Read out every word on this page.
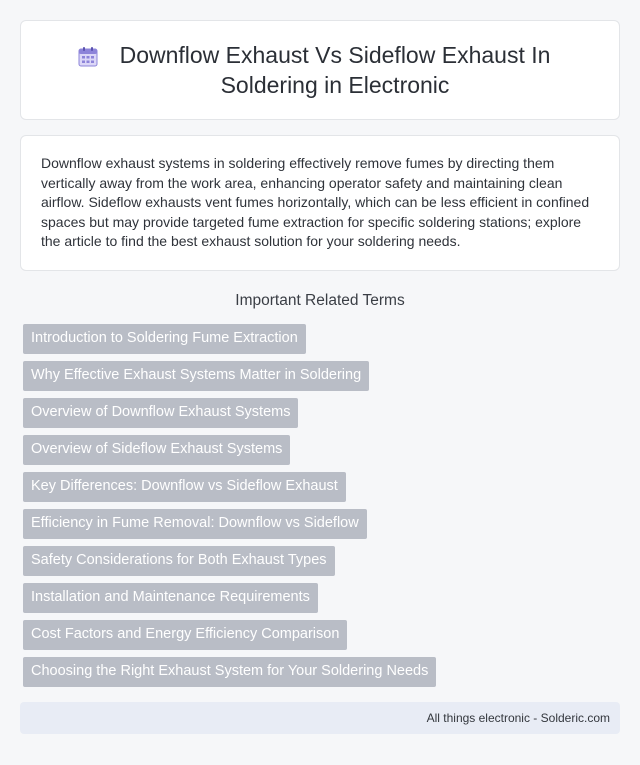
Downflow Exhaust Vs Sideflow Exhaust In Soldering in Electronic

Downflow exhaust systems in soldering effectively remove fumes by directing them vertically away from the work area, enhancing operator safety and maintaining clean airflow. Sideflow exhausts vent fumes horizontally, which can be less efficient in confined spaces but may provide targeted fume extraction for specific soldering stations; explore the article to find the best exhaust solution for your soldering needs.

Important Related Terms
Introduction to Soldering Fume Extraction
Why Effective Exhaust Systems Matter in Soldering
Overview of Downflow Exhaust Systems
Overview of Sideflow Exhaust Systems
Key Differences: Downflow vs Sideflow Exhaust
Efficiency in Fume Removal: Downflow vs Sideflow
Safety Considerations for Both Exhaust Types
Installation and Maintenance Requirements
Cost Factors and Energy Efficiency Comparison
Choosing the Right Exhaust System for Your Soldering Needs
All things electronic - Solderic.com
